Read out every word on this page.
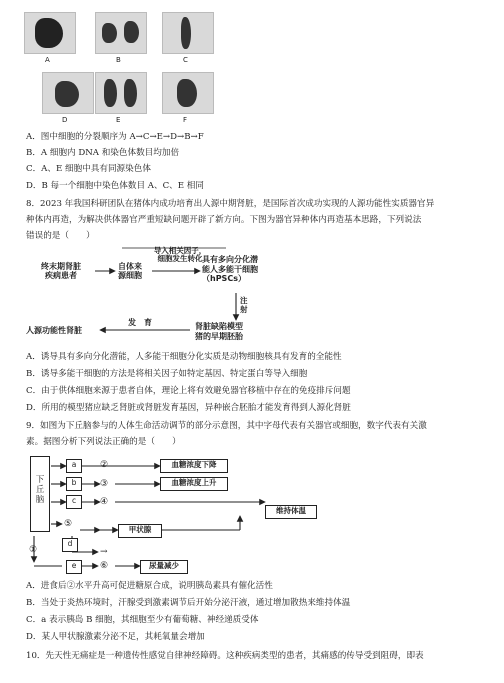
A	B	C
D	E	F
A．图中细胞的分裂顺序为 A→C→E→D→B→F
B．A 细胞内 DNA 和染色体数目均加倍
C．A、E 细胞中具有同源染色体
D．B 每一个细胞中染色体数目 A、C、E 相同
8．2023 年我国科研团队在猪体内成功培育出人源中期肾脏，是国际首次成功实现的人源功能性实质器官异
种体内再造，为解决供体器官严重短缺问题开辟了新方向。下图为器官异种体内再造基本思路，下列说法
错误的是（　　）
终末期肾脏
疾病患者
自体来
源细胞
导入相关因子，
细胞发生转化 具有多向分化潜
能人多能干细胞
（hPSCs）
注
射
肾脏缺陷模型
猪的早期胚胎
发　育
人源功能性肾脏
A．诱导具有多向分化潜能，人多能干细胞分化实质是动物细胞核具有发育的全能性
B．诱导多能干细胞的方法是将相关因子如特定基因、特定蛋白等导入细胞
C．由于供体细胞来源于患者自体，理论上将有效避免器官移植中存在的免疫排斥问题
D．所用的模型猪应缺乏肾脏或肾脏发育基因，异种嵌合胚胎才能发育得到人源化肾脏
9．如图为下丘脑参与的人体生命活动调节的部分示意图，其中字母代表有关器官或细胞，数字代表有关激
素。据图分析下列说法正确的是（　　）
下
丘
脑
a
b
c
③
④
②	血糖浓度下降
血糖浓度上升
维持体温
⑤
甲状腺
d
→
e	⑥	尿量减少
①
A．进食后②水平升高可促进糖原合成，说明胰岛素具有催化活性
B．当处于炎热环境时，汗腺受到激素调节后开始分泌汗液，通过增加散热来维持体温
C．a 表示胰岛 B 细胞，其细胞至少有葡萄糖、神经递质受体
D．某人甲状腺激素分泌不足，其耗氧量会增加
10．先天性无痛症是一种遗传性感觉自律神经障碍。这种疾病类型的患者，其痛感的传导受到阻碍，即表
